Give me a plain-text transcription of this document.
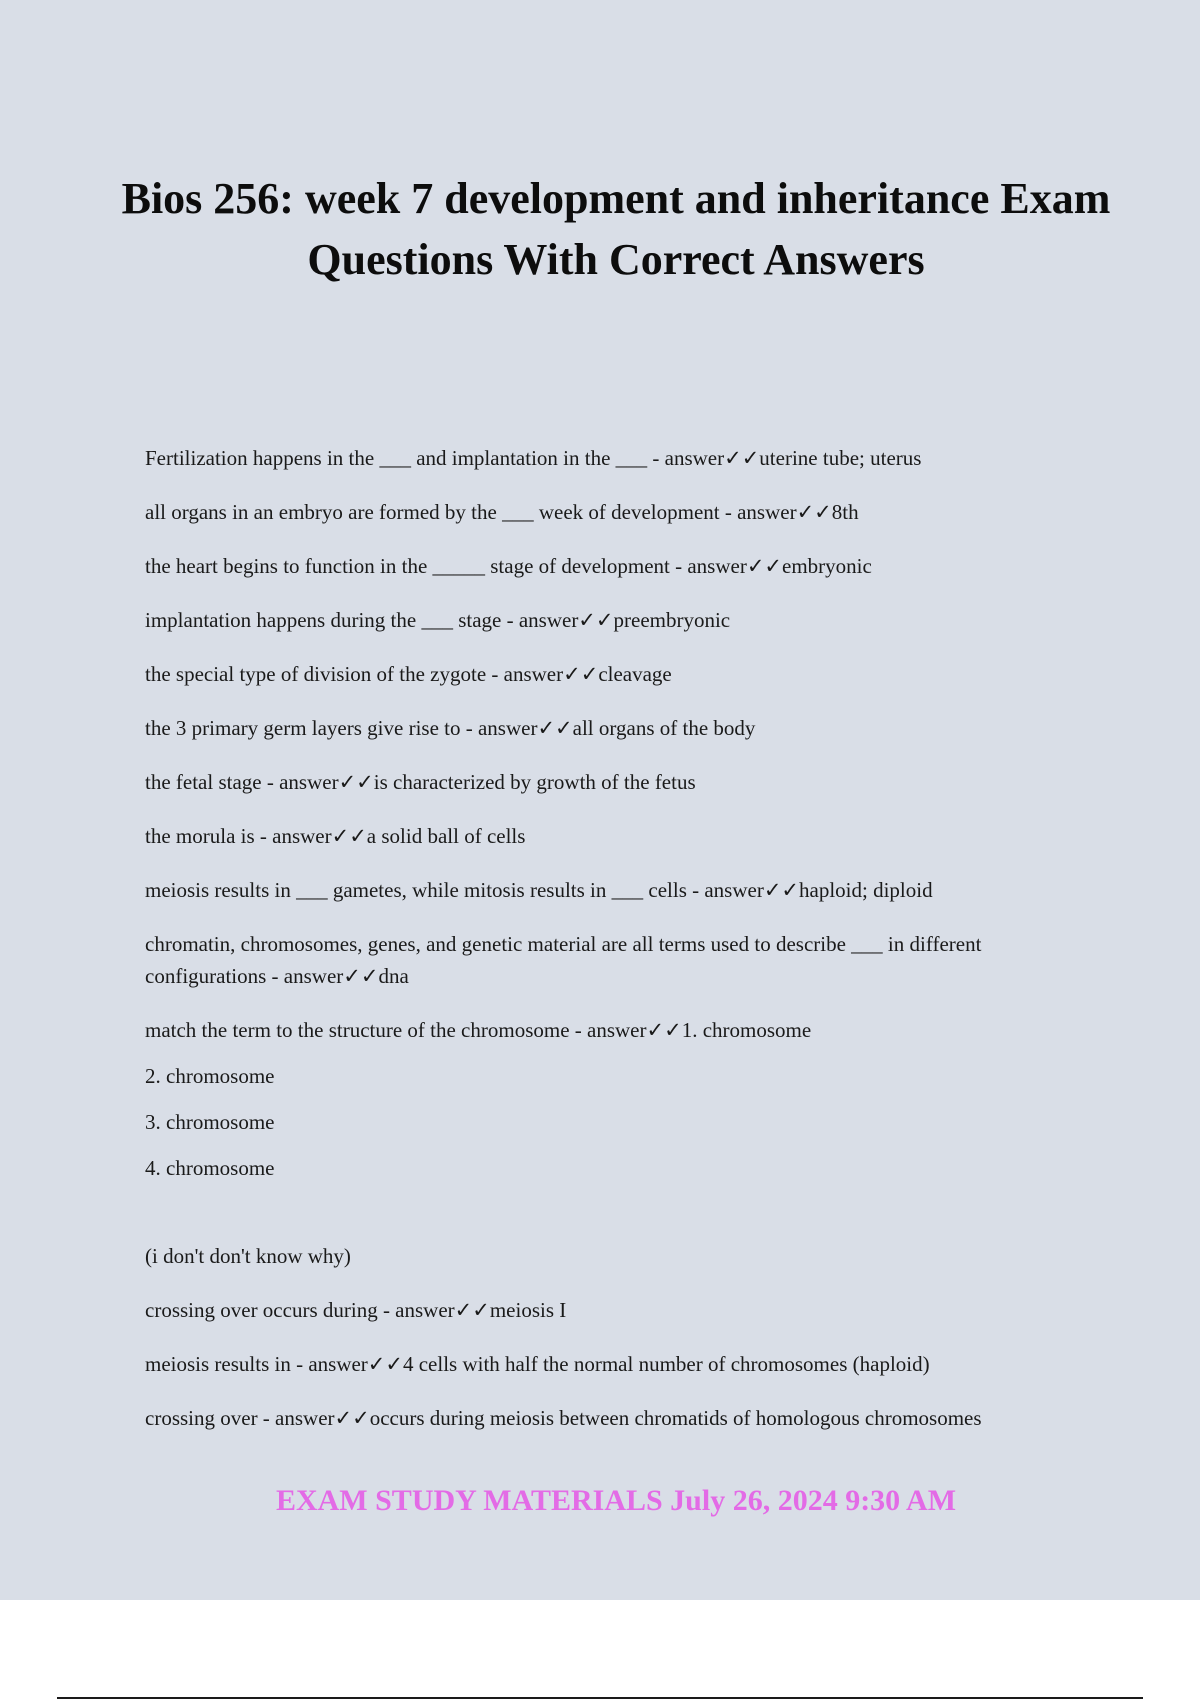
Bios 256: week 7 development and inheritance Exam Questions With Correct Answers

Fertilization happens in the ___ and implantation in the ___ - answer✓✓uterine tube; uterus

all organs in an embryo are formed by the ___ week of development - answer✓✓8th

the heart begins to function in the _____ stage of development - answer✓✓embryonic

implantation happens during the ___ stage - answer✓✓preembryonic

the special type of division of the zygote - answer✓✓cleavage

the 3 primary germ layers give rise to - answer✓✓all organs of the body

the fetal stage - answer✓✓is characterized by growth of the fetus

the morula is - answer✓✓a solid ball of cells

meiosis results in ___ gametes, while mitosis results in ___ cells - answer✓✓haploid; diploid

chromatin, chromosomes, genes, and genetic material are all terms used to describe ___ in different configurations - answer✓✓dna

match the term to the structure of the chromosome - answer✓✓1. chromosome

2. chromosome

3. chromosome

4. chromosome

(i don't don't know why)

crossing over occurs during - answer✓✓meiosis I

meiosis results in - answer✓✓4 cells with half the normal number of chromosomes (haploid)

crossing over - answer✓✓occurs during meiosis between chromatids of homologous chromosomes

EXAM STUDY MATERIALS July 26, 2024 9:30 AM
